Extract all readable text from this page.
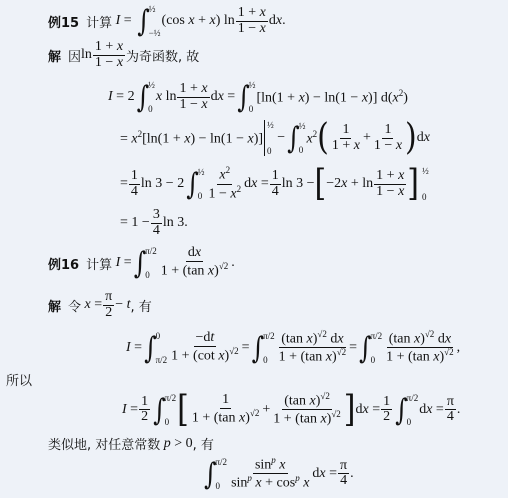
例15
计算
I = ∫ ½
−½
(cos x + x) $\ln \frac{1 + x}{1 - x}$ dx.
解
因 $\ln \frac{1 + x}{1 - x}$ 为奇函数, 故
I = 2 ∫ ½
0
x $\ln \frac{1 + x}{1 - x}$ dx = ∫ ½
0
[ln(1 + x) − ln(1 − x)] $d(x^2)$
= $x^2[\ln(1 + x) - \ln(1 - x)]$
½
0
− ∫ ½
0
$x^2$ ( $\frac{1}{1 + x} + \frac{1}{1 - x}$ ) dx
= $\frac{1}{4}$ ln 3 − 2 ∫ ½
$0 \frac{x^2}{1 - x^2}$ dx = $\frac{1}{4}$ ln 3 − [ $-2x + \ln \frac{1 + x}{1 - x}$ ] ½
0
= $1 - \frac{3}{4}$ ln 3.
例16
计算
I = ∫ π/2
$0 \frac{dx}{1 + (\tan x)^{√2}}$ .
解
令
$x = \frac{\pi}{2} - t$ , 有
I = ∫ 0
$\pi/2 \frac{-dt}{1 + (\cot x)^{√2}}$ = ∫ π/2
$0 \frac{(\tan x)^{√2} dx}{1 + (\tan x)^{√2}}$ = ∫ π/2
$0 \frac{(\tan x)^{√2} dx}{1 + (\tan x)^{√2}}$ ,
所以
$I = \frac{1}{2}$ ∫ π/2
0 [ $\frac{1}{1 + (\tan x)^{√2}} + \frac{(\tan x)^{√2}}{1 + (\tan x)^{√2}}$ ] dx = $\frac{1}{2}$ ∫ π/2
0
dx = $\frac{\pi}{4}$ .
类似地, 对任意常数
p > 0 , 有
∫ π/2
$0 \frac{\sin^p x}{\sin^p x + \cos^p x}$ dx = $\frac{\pi}{4}$ .
